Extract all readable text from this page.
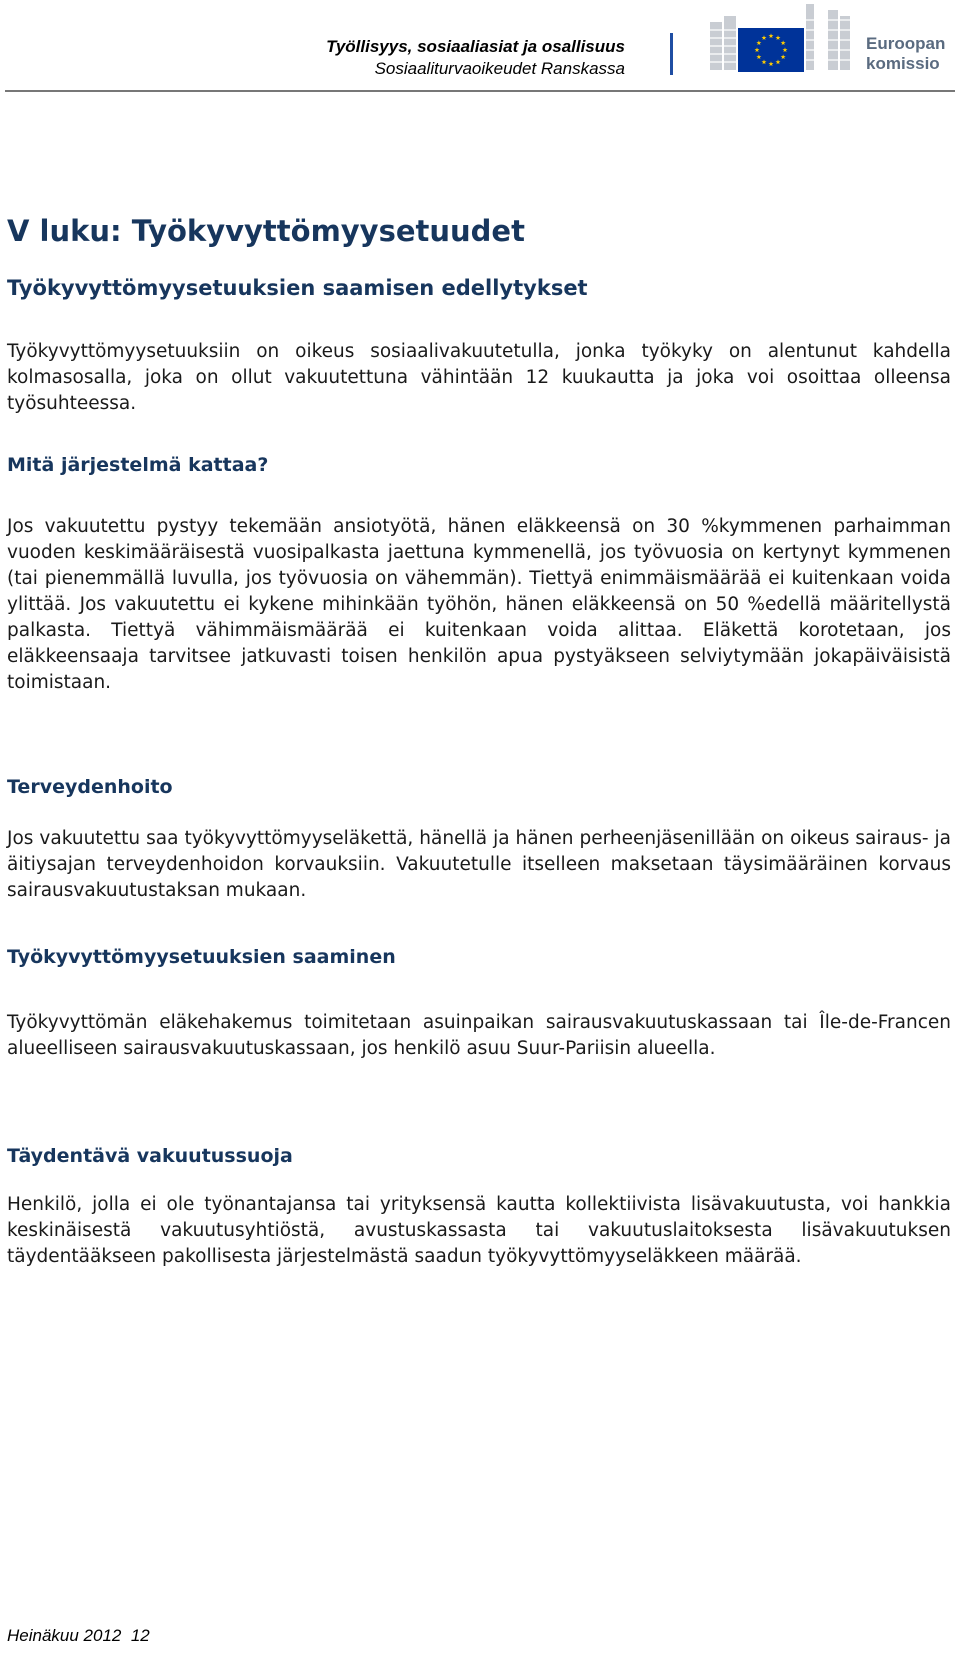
Työllisyys, sosiaaliasiat ja osallisuus
Sosiaaliturvaoikeudet Ranskassa
Euroopan
komissio
V luku: Työkyvyttömyysetuudet
Työkyvyttömyysetuuksien saamisen edellytykset
Työkyvyttömyysetuuksiin on oikeus sosiaalivakuutetulla, jonka työkyky on alentunut kahdella kolmasosalla, joka on ollut vakuutettuna vähintään 12 kuukautta ja joka voi osoittaa olleensa työsuhteessa.
Mitä järjestelmä kattaa?
Jos vakuutettu pystyy tekemään ansiotyötä, hänen eläkkeensä on 30 %kymmenen parhaimman vuoden keskimääräisestä vuosipalkasta jaettuna kymmenellä, jos työvuosia on kertynyt kymmenen (tai pienemmällä luvulla, jos työvuosia on vähemmän). Tiettyä enimmäismäärää ei kuitenkaan voida ylittää. Jos vakuutettu ei kykene mihinkään työhön, hänen eläkkeensä on 50 %edellä määritellystä palkasta. Tiettyä vähimmäismäärää ei kuitenkaan voida alittaa. Eläkettä korotetaan, jos eläkkeensaaja tarvitsee jatkuvasti toisen henkilön apua pystyäkseen selviytymään jokapäiväisistä toimistaan.
Terveydenhoito
Jos vakuutettu saa työkyvyttömyyseläkettä, hänellä ja hänen perheenjäsenillään on oikeus sairaus- ja äitiysajan terveydenhoidon korvauksiin. Vakuutetulle itselleen maksetaan täysimääräinen korvaus sairausvakuutustaksan mukaan.
Työkyvyttömyysetuuksien saaminen
Työkyvyttömän eläkehakemus toimitetaan asuinpaikan sairausvakuutuskassaan tai Île-de-Francen alueelliseen sairausvakuutuskassaan, jos henkilö asuu Suur-Pariisin alueella.
Täydentävä vakuutussuoja
Henkilö, jolla ei ole työnantajansa tai yrityksensä kautta kollektiivista lisävakuutusta, voi hankkia keskinäisestä vakuutusyhtiöstä, avustuskassasta tai vakuutuslaitoksesta lisävakuutuksen täydentääkseen pakollisesta järjestelmästä saadun työkyvyttömyyseläkkeen määrää.
Heinäkuu 2012 12
